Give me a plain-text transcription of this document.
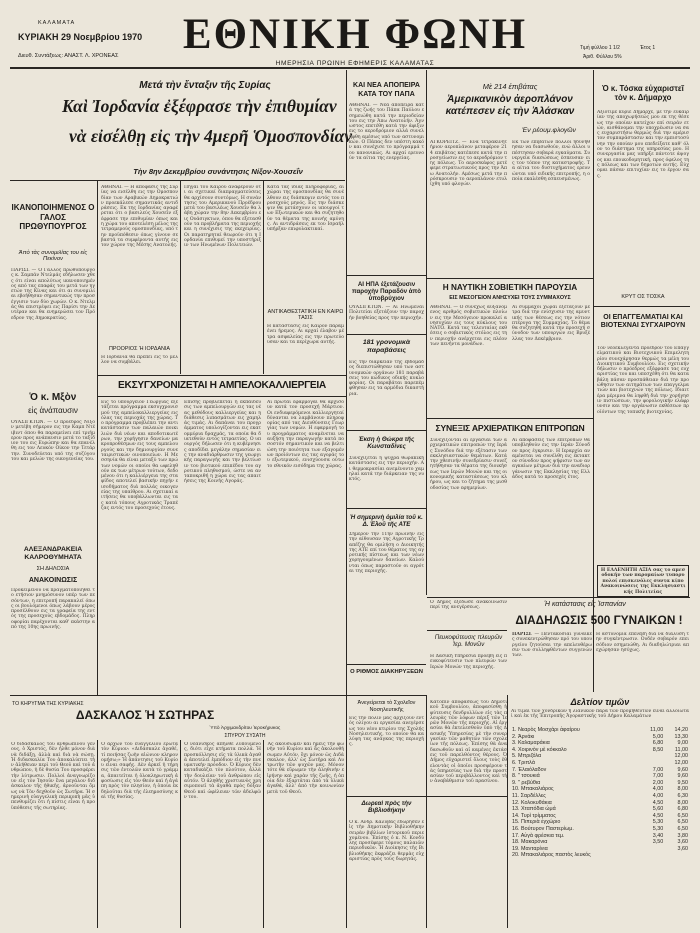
ΚΑΛΑΜΑΤΑ
ΚΥΡΙΑΚΗ 29 Νοεμβρίου 1970
Διευθ. Συντάξεως: ΑΝΑΣΤ. Λ. ΧΡΟΝΕΑΣ	ΕΘΝΙΚΗ ΦΩΝΗ
ΗΜΕΡΗΣΙΑ ΠΡΩΙΝΗ ΕΦΗΜΕΡΙΣ ΚΑΛΑΜΑΤΑΣ
Τιμή φύλλου 1 1/2	Έτος 1
Άριθ. Φύλλου 5%
Μετά τὴν ἔνταξιν τῆς Συρίας
Καὶ Ἰορδανία ἐξέφρασε τὴν ἐπιθυμίαν
νὰ εἰσέλθῃ εἰς τὴν 4μερῆ Ὁμοσπονδίαν
Τὴν 8ην Δεκεμβρίου συνάντησις Νίξον-Χουσεΐν
ΙΚΑΝΟΠΟΙΗΜΕΝΟΣ Ο ΓΑΛΟΣ ΠΡΩΘΥΠΟΥΡΓΟΣ
Ἀπὸ τὰς συνομιλίας του εἰς Πεκίνον
ΠΑΡΙΣΙ. — Ὁ Γάλλος πρωθυπουργός κ. Σαμπάν Ντελμάς εδήλωσεν χθες ότι είναι απολύτως ικανοποιημένος από τας επαφάς του μετά των ηγετών της Κίνας και ότι αι συνομιλίαι εβοήθησαν σημαντικώς την προσέγγισιν των δύο χωρών. Ο κ. Ντελμάς θα επιστρέψει εις Παρίσι την Δευτέραν και θα ενημερώσει τον Πρόεδρον της Δημοκρατίας.
Ὁ κ. Μξὸν
εἰς ἀνάπαυσιν
ΟΥΑΣΙΓΚΤΩΝ. — Ὁ πρόεδρος Νίξον μετέβη σήμερον εις την Καμπ Ντέιβιντ όπου θα παραμείνει επί τριήμερον προς ανάπαυσιν μετά το ταξίδιον του εις Ευρώπην και θα επανέλθη εις τον Λευκόν Οίκον την Τετάρτην. Συνοδεύεται υπό της συζύγου του και μελών της οικογενείας του.
ΑΛΕΞΑΝΔΡΑΚΕΙΑ ΚΑΛΡΟΘΥΜΗΑΤΑ
ΣΗ ΔΗΛΟΣΙΑ
ΑΝΑΚΟΙΝΩΣΙΣ
Προκειμένου να πραγματοποιηθεί το ετήσιον μνημόσυνον υπέρ των πεσόντων, η επιτροπή παρακαλεί όπως οι βουλόμενοι όπως λάβουν μέρος προσέλθουν εις τα γραφεία της εντός της προσεχούς εβδομάδος. Πληροφορίαι παρέχονται καθ' εκάστην από της 10ης πρωινής.
ΑΘΗΝΑΙ. — Η απόφασις της Συρίας να εισέλθη εις την Ομοσπονδίαν των Αραβικών Δημοκρατιών προεκάλεσε σημαντικάς αντιδράσεις. Εκ της Ιορδανίας αναφέρεται ότι ο βασιλεύς Χουσεΐν εξέφρασε την επιθυμίαν όπως και η χώρα του αποτελέση μέλος της τετραμερούς ομοσπονδίας, υπό την προϋπόθεσιν όπως γίνουν σεβαστά τα συμφέροντα αυτής εις τον χώρον της Μέσης Ανατολής.
ΠΡΟΟΡΙΟΣ Ή ΙΟΡΔΑΝΙΑ
Η Ιορδανία θα πρέπει εις το μέλλον να συμβάλει.
Πηγαί του Καΐρου αναφέρουν ότι αι σχετικαί διαπραγματεύσεις θα αρχίσουν συντόμως. Η συνάντησις του Αμερικανού Προέδρου μετά του βασιλέως Χουσεΐν θα λάβη χώραν την 8ην Δεκεμβρίου εις Ουάσιγκτων, όπου θα εξετασθούν τα προβλήματα της περιοχής και η συνέχισις της εκεχειρίας. Οι παρατηρηταί θεωρούν ότι η Ιορδανία επιθυμεί την υποστήριξιν των Ηνωμένων Πολιτειών.
Κατά τας ιδίας πληροφορίας, αι χώραι της ομοσπονδίας θα συνέλθουν εις διάσκεψιν εντός του προσεχούς μηνός. Εις την διάσκεψιν θα μετάσχουν οι υπουργοί των Εξωτερικών και θα συζητηθούν τα θέματα της κοινής αμύνης. Αι αντιδράσεις εκ του Ισραήλ υπήρξαν επιφυλακτικαί.
ΑΝΤΙΚΑΘΕΣΤΑΤΙΚΗ ΕΝ ΚΑΙΡΩ ΤΑΣΙΣ
Η κατάστασις εις Κάιρον παραμένει ήρεμος. Αι αρχαί έλαβον μέτρα ασφαλείας εις την πρωτεύουσαν και τα περίχωρα αυτής.
ΕΚΣΥΓΧΡΟΝΙΖΕΤΑΙ Η ΑΜΠΕΛΟΚΑΛΛΙΕΡΓΕΙΑ
Εις το υπουργείον Γεωργίας εξετάζεται πρόγραμμα εκσυγχρονισμού της αμπελοκαλλιεργείας εις όλας τας περιοχάς της χώρας. Το πρόγραμμα προβλέπει την αντικατάστασιν των παλαιών ποικιλιών διά νέων και αποδοτικωτέρων, την χορήγησιν δανείων μακροπροθέσμων εις τους αμπελουργούς και την δημιουργίαν συνεταιριστικών οινοποιείων. Η Μεσσηνία θα είναι μεταξύ των πρώτων νομών οι οποίοι θα ωφεληθούν εκ των μέτρων τούτων, δεδομένου ότι η καλλιέργεια της σταφίδος αποτελεί βασικήν πηγήν εισοδήματος διά πολλάς οικογενείας της υπαίθρου. Αι σχετικαί αιτήσεις θα υποβάλλωνται εις τας κατά τόπους Αγροτικάς Τραπέζας εντός του προσεχούς έτους.
Επίσης προβλέπεται η εκπαίδευσις των αμπελουργών εις τας νέας μεθόδους καλλιεργείας και η διάθεσις λιπασμάτων εις χαμηλάς τιμάς. Αι δαπάναι του προγράμματος υπολογίζονται εις εκατομμύρια δραχμάς, τα οποία θα διατεθούν εντός τετραετίας. Ο υπουργός δήλωσεν ότι η κυβέρνησις αποδίδει μεγάλην σημασίαν εις την αναδιάρθρωσιν της γεωργικής παραγωγής και την βελτίωσιν του βιοτικού επιπέδου του αγροτικού πληθυσμού, ώστε να ανταποκριθή η χώρα εις τας απαιτήσεις της Κοινής Αγοράς.
Αι πρώται εφαρμογαί θα αρχίσουν κατά τον προσεχή Μάρτιον. Οι ενδιαφερόμενοι καλλιεργηταί δύνανται να λαμβάνουν πληροφορίας από τας Διευθύνσεις Γεωργίας των νομών. Η εφαρμογή του προγράμματος αναμένεται να αυξήση την παραγωγήν κατά ποσοστόν σημαντικόν και να βελτιώση την ποιότητα των εξαγομένων προϊόντων εις τας αγοράς του εξωτερικού, ενισχύουσα ούτω το εθνικόν εισόδημα της χώρας.
ΚΑΙ ΝΕΑ ΑΠΟΠΕΙΡΑ ΚΑΤΑ ΤΟΥ ΠΑΠΑ
ΑΘΗΝΑΙ. — Νέα απόπειρα κατά της ζωής του Πάπα Παύλου εσημειώθη κατά την περιοδείαν του εις την Άπω Ανατολήν. Άγνωστος επετέθη κατά την άφιξιν εις το αεροδρόμιον αλλά συνελήφθη αμέσως υπό των αστυνομικών. Ο Πάπας δεν υπέστη κακόν και συνέχισε το πρόγραμμά του κανονικώς. Αι αρχαί ερευνούν τα αίτια της ενεργείας.
ΑΙ ΗΠΑ ἐξετάζουσιν παροχὴν Παραδόν ἀπὸ ὑποβρύχιον
ΟΥΑΣΙΓΚΤΩΝ. — Αι Ηνωμέναι Πολιτείαι εξετάζουν την παροχήν βοηθείας προς την περιοχήν.
181 γρονομικὰ παραβάσεις
Εις την διάρκειαν της εβδομάδος διεπιστώθησαν υπό των αστυνομικών οργάνων 181 παραβάσεις του κώδικος οδικής κυκλοφορίας. Οι παραβάται παρεπέμφθησαν εις τα αρμόδια δικαστήρια.
Ἐκση ἡ Θώκρα τῆς Κωνσταδίνες
Συνεχίζεται η ψυχρά θωρακική κατάστασις εις την περιοχήν. Αι θερμοκρασίαι ανεμένοντο χαμηλαί κατά την διάρκειαν της νυκτός.
Ἡ σημερινὴ ὁμιλία τοῦ κ. Δ. Ἑλοῦ τῆς ΑΤΕ
Σήμερον την 11ην πρωινήν εις την αίθουσαν της Αγροτικής Τραπέζης θα ομιλήση ο Διοικητής της ΑΤΕ επί του θέματος της αγροτικής πίστεως και των νέων χορηγουμένων δανείων. Καλούνται όπως παραστούν οι αγρόται της περιοχής.
Ο ΡΙΘΜΟΣ ΔΙΑΚΗΡΥΞΕΩΝ
Μὲ 214 ἐπιβάτας
Ἀμερικανικὸν ἀεροπλάνον κατέπεσεν εἰς τὴν Ἀλάσκαν
Ἐν ρέουμ.φλογῶν
ΑΓΚΟΡΕΙΤΖ. — Ένα τετρακινητήριον αεροπλάνον μεταφέρον 214 επιβάτας κατέπεσε κατά την προσγείωσιν εις το αεροδρόμιον της πόλεως. Το αεροσκάφος μετέφερε στρατιωτικούς προς την Άπω Ανατολήν. Αμέσως μετά την πρόσκρουσιν το αεροπλάνον ετυλίχθη υπό φλογών.
Εκ των επιβατών πολλοί ηδυνήθησαν να διασωθούν, ενώ άλλοι υπέστησαν σοβαρά εγκαύματα. Συνεργεία διασώσεως έσπευσαν εις τον τόπον της καταστροφής. Τα αίτια του δυστυχήματος ερευνώνται υπό ειδικής επιτροπής, η οποία εκαλέσθη εσπευσμένως.
Η ΝΑΥΤΙΚΗ ΣΟΒΙΕΤΙΚΗ ΠΑΡΟΥΣΙΑ
ΕΙΣ ΜΕΣΟΓΕΙΟΝ ΑΝΗΣΥΧΕΙ ΤΟΥΣ ΣΥΜΜΑΧΟΥΣ
ΑΘΗΝΑΙ. — Ο συνεχώς αυξανόμενος αριθμός σοβιετικών πλοίων εις την Μεσόγειον προκαλεί ανησυχίαν εις τους κύκλους του ΝΑΤΟ. Κατά τας τελευταίας εκθέσεις ο σοβιετικός στόλος εις την περιοχήν ανέρχεται εις πλέον των πενήντα μονάδων.
Αι σύμμαχοι χώραι εξετάζουν μέτρα διά την ενίσχυσιν της αμυντικής των θέσεως εις την νότιον πτέρυγα της Συμμαχίας. Το θέμα θα συζητηθή κατά την προσεχή σύνοδον των υπουργών εις Βρυξέλλας τον Δεκέμβριον.
ΣΥΝΕΞΙΣ ΑΡΧΙΕΡΑΤΙΚΩΝ ΕΠΙΤΡΟΠΩΝ
Συνεχίζονται αι εργασίαι των αρχιερατικών επιτροπών της Ιεράς Συνόδου διά την εξέτασιν των εκκλησιαστικών θεμάτων. Κατά την χθεσινήν συνεδρίασιν συνεζητήθησαν τα θέματα της διοικήσεως των Ιερών Μονών και της οικονομικής καταστάσεως του κλήρου, ως και το ζήτημα της μισθοδοσίας των εφημερίων.
Αι αποφάσεις των επιτροπών θα υποβληθούν εις την Ιεράν Σύνοδον προς έγκρισιν. Η Ιεραρχία αναμένεται να συνέλθη εις έκτακτον σύνοδον προς ψήφισιν των αναγκαίων μέτρων διά την αναδιοργάνωσιν της Εκκλησίας της Ελλάδος κατά το προσεχές έτος.
Ὁ κ. Τόσκα εὐχαριστεῖ τὸν κ. Δήμαρχο
Αξιότιμε κύριε Δήμαρχε, με την ευκαιρίαν της αποχωρήσεώς μου εκ της θέσεως την οποίαν κατείχον επί σειράν ετών, αισθάνομαι την υποχρέωσιν να σας ευχαριστήσω θερμώς διά την αμέριστον συμπαράστασιν και την εμπιστοσύνην την οποίαν μου επεδείξατε καθ' όλον το διάστημα της υπηρεσίας μου. Η συνεργασία μας υπήρξε πάντοτε άψογος και εποικοδομητική, προς όφελος της πόλεως και των δημοτών αυτής. Εύχομαι πάσαν επιτυχίαν εις το έργον σας.
ΚΡΥΤ ΟΣ ΤΟΣΚΑ
ΟΙ ΕΠΑΓΓΕΛΜΑΤΙΑΙ ΚΑΙ ΒΙΟΤΕΧΝΑΙ ΣΥΓΧΑΙΡΟΥΝ
Τον νεοεκλεγέντα πρόεδρον του Επαγγελματικού και Βιοτεχνικού Επιμελητηρίου συνεχάρησαν θερμώς τα μέλη του Διοικητικού Συμβουλίου. Εις σχετικήν δήλωσιν ο πρόεδρος εξέφρασε τας ευχαριστίας του και υπεσχέθη ότι θα καταβάλη πάσαν προσπάθειαν διά την προώθησιν των αιτημάτων των επαγγελματιών και βιοτεχνών της πόλεως. Ιδιαιτέρα μέριμνα θα ληφθή διά την χορήγησιν πιστώσεων, την φορολογικήν ελάφρυνσιν και την οργάνωσιν εκθέσεων προϊόντων της τοπικής βιοτεχνίας.
Η ΕΛΛΕΝΗΤΗ ΑΞΙΑ σας το αμεσοδοκήν των παρομαίων τυπορυπολοί επισκενόλες συντα κίπο Ανακοινώσεις της Εκκλησιαστικής Πολιτείας
Ἡ κατάστασις εἰς Ἰσπανίαν
ΔΙΑΔΗΛΩΣΙΣ 500 ΓΥΝΑΙΚΩΝ !
ΠΑΡΙΣΙ. — Πεντακόσιαι γυναίκες συνεκεντρώθησαν πρό του υπουργείου ζητούσαι την απελευθέρωσιν των συλληφθέντων συγγενών των.
Η αστυνομία επενέβη διά να διαλύση την συγκέντρωσιν. Ουδέν σοβαρόν επεισόδιον εσημειώθη. Αι διαδηλώτριαι απεχώρησαν ησύχως.
Ο Δήμος εξέδωσε ανακοίνωσιν περί της ανεγέρσεως.
Πευκοφύτευσις πλευρῶν Ἱερ. Μονῶν
Η Δασική Υπηρεσία προέβη εις πευκοφύτευσιν των πλευρών των Ιερών Μονών της περιοχής.
ΤΟ ΚΗΡΥΓΜΑ ΤΗΣ ΚΥΡΙΑΚΗΣ
ΔΑΣΚΑΛΟΣ Ἡ ΣΩΤΗΡΑΣ
Ὑπὸ Ἀρχιμανδρίτου Ἱεροκήρυκος
ΣΠΥΡΟΥ ΣΥΣΑΤΗ
Ὁ διδάσκαλος τοῦ ἀνθρωπίνου γένους, ὁ Χριστός, δὲν ἦλθε μόνον διὰ νὰ διδάξῃ, ἀλλὰ καὶ διὰ νὰ σώσῃ. Ἡ διδασκαλία Του ἀποκαλύπτει τὴν ἀλήθειαν περὶ τοῦ Θεοῦ καὶ τοῦ ἀνθρώπου, ἡ δὲ θυσία Του προσφέρει τὴν λύτρωσιν. Πολλοὶ ἀναγνωρίζουν εἰς τὸν Ἰησοῦν ἕνα μεγάλον διδάσκαλον τῆς ἠθικῆς, ἀρνοῦνται ὅμως νὰ Τὸν δεχθοῦν ὡς Σωτῆρα. Ἡ σημερινὴ εὐαγγελικὴ περικοπὴ μᾶς ὑπενθυμίζει ὅτι ἡ πίστις εἶναι ἡ προϋπόθεσις τῆς σωτηρίας.
Ὁ ἄρχων τοῦ εὐαγγελίου ἐρωτᾷ τὸν Κύριον: «Διδάσκαλε ἀγαθέ, τί ποιήσας ζωὴν αἰώνιον κληρονομήσω;» Ἡ ἀπάντησις τοῦ Κυρίου εἶναι σαφής. Δὲν ἀρκεῖ ἡ τήρησις τῶν ἐντολῶν κατὰ τὸ γράμμα, ἀπαιτεῖται ἡ ὁλοκληρωτικὴ ἀφοσίωσις εἰς τὸν Θεόν καὶ ἡ ἀγάπη πρὸς τὸν πλησίον, ἡ ὁποία ἐκδηλοῦται διὰ τῆς ἐλεημοσύνης καὶ τῆς θυσίας.
Ὁ νεανίσκος ἀπῆλθε λυπούμενος, διότι εἶχε κτήματα πολλά. Ἡ προσκόλλησις εἰς τὰ ὑλικὰ ἀγαθὰ ἀποτελεῖ ἐμπόδιον εἰς τὴν πνευματικὴν πρόοδον. Ὁ Κύριος δὲν καταδικάζει τὸν πλοῦτον, ἀλλὰ τὴν δουλείαν τοῦ ἀνθρώπου εἰς αὐτόν. Ὁ ἀληθὴς χριστιανὸς χρησιμοποιεῖ τὰ ἀγαθὰ πρὸς δόξαν Θεοῦ καὶ ὠφέλειαν τῶν ἀδελφῶν του.
Ἂς ἀκούσωμεν καὶ ἡμεῖς τὴν φωνὴν τοῦ Κυρίου καὶ ἂς ἀκολουθήσωμεν Αὐτόν, ὄχι μόνον ὡς Διδάσκαλον, ἀλλ' ὡς Σωτῆρα καὶ Λυτρωτὴν τῶν ψυχῶν μας. Μόνον τότε θὰ εὕρωμεν τὴν ἀληθινὴν εἰρήνην καὶ χαρὰν τῆς ζωῆς, ἡ ὁποία δὲν ἐξαρτᾶται ἀπὸ τὰ ὑλικὰ ἀγαθά, ἀλλ' ἀπὸ τὴν κοινωνίαν μετὰ τοῦ Θεοῦ.
Ἀνεγείρεται τὸ Σχολεῖον Νοσηλευτικῆς
Εις την πόλιν μας αρχίζουν εντός ολίγου αι εργασίαι ανεγέρσεως του νέου κτιρίου της Σχολής Νοσηλευτικής, το οποίον θα καλύψη τας ανάγκας της περιοχής.
Δωρεαὶ πρὸς τὴν Βιβλιοθήκην
Ὁ κ. Ἀνδρ. Καλύβας ἐδώρησεν εἰς τὴν Δημοτικὴν Βιβλιοθήκην σειρὰν βιβλίων ἱστορικοῦ περιεχομένου. Ἐπίσης ὁ κ. Ν. Κονδύλης προσέφερε τόμους παλαιῶν περιοδικῶν. Ἡ Διοίκησις τῆς Βιβλιοθήκης ἐκφράζει θερμὰς εὐχαριστίας πρὸς τοὺς δωρητάς.
Κατόπιν ἀποφάσεως τοῦ Δημοτικοῦ Συμβουλίου, ἀποφασίσθη ἡ φύτευσις δενδρυλλίων εἰς τὰς πλευρὰς τῶν λόφων πέριξ τῶν Ἱερῶν Μονῶν τῆς περιοχῆς. Αἱ ἐργασίαι θὰ ἐκτελεσθοῦν ὑπὸ τῆς Δασικῆς Ὑπηρεσίας μὲ τὴν συνεργασίαν τῶν μαθητῶν τῶν σχολείων τῆς πόλεως. Ἐπίσης θὰ ἀναδασωθοῦν καὶ αἱ καμένες ἐκτάσεις τοῦ παρελθόντος θέρους. Ὁ Δῆμος εὐχαριστεῖ ὅλους τοὺς ἐθελοντὰς οἱ ὁποῖοι προσφέρουν τὰς ὑπηρεσίας των διὰ τὴν προστασίαν τοῦ περιβάλλοντος καὶ τὴν ἀναβάθμισιν τοῦ πρασίνου.
Δελτίον τιμῶν
Αἱ τιμαὶ τῶν χονδρικῶν ἢ λιανικῶν παρὰ τῶν προμηθευτῶν εἶναι ἀλλοιωταὶ καὶ ἐκ τῆς Ἐπιτροπῆς Ἀγοραστικῆς τοῦ Δήμου Καλαμάτων
1. Νεαρὸς Μοσχάρι ἀφαίρου	11,00	14,20
2. Ἀρνάκι	5,00	13,30
3. Καλαμαράκια	6,80	9,00
4. Χοιρινὸν μὲ κόκκαλο	8,50	11,00
5. Μπριζόλα		12,00
6. Τριπλὰ		12,00
7. Ἐλαιόλαδον	7,00	9,60
8. " τσουκιά	7,00	9,60
9. " ρεβύθια	2,00	9,50
10. Μπακαλιάρος	4,00	8,00
11. Σαρδέλλες	4,00	6,30
12. Κολοκυθάκια	4,50	8,00
13. Χταπόδια ὡμά	5,60	6,80
14. Τυρὶ τρίμματος	4,50	6,50
15. Πιπεριὰ ἐγχώριο	5,30	6,50
16. Βούτυρον Παστερίωμ.	5,30	6,50
17. Αὐγὰ φρέσκια τεμ.	3,40	3,80
18. Μακαρόνια	3,50	3,60
19. Μανταρίνια		3,60
20. Μπακαλιάρος παστὸς λευκός		
